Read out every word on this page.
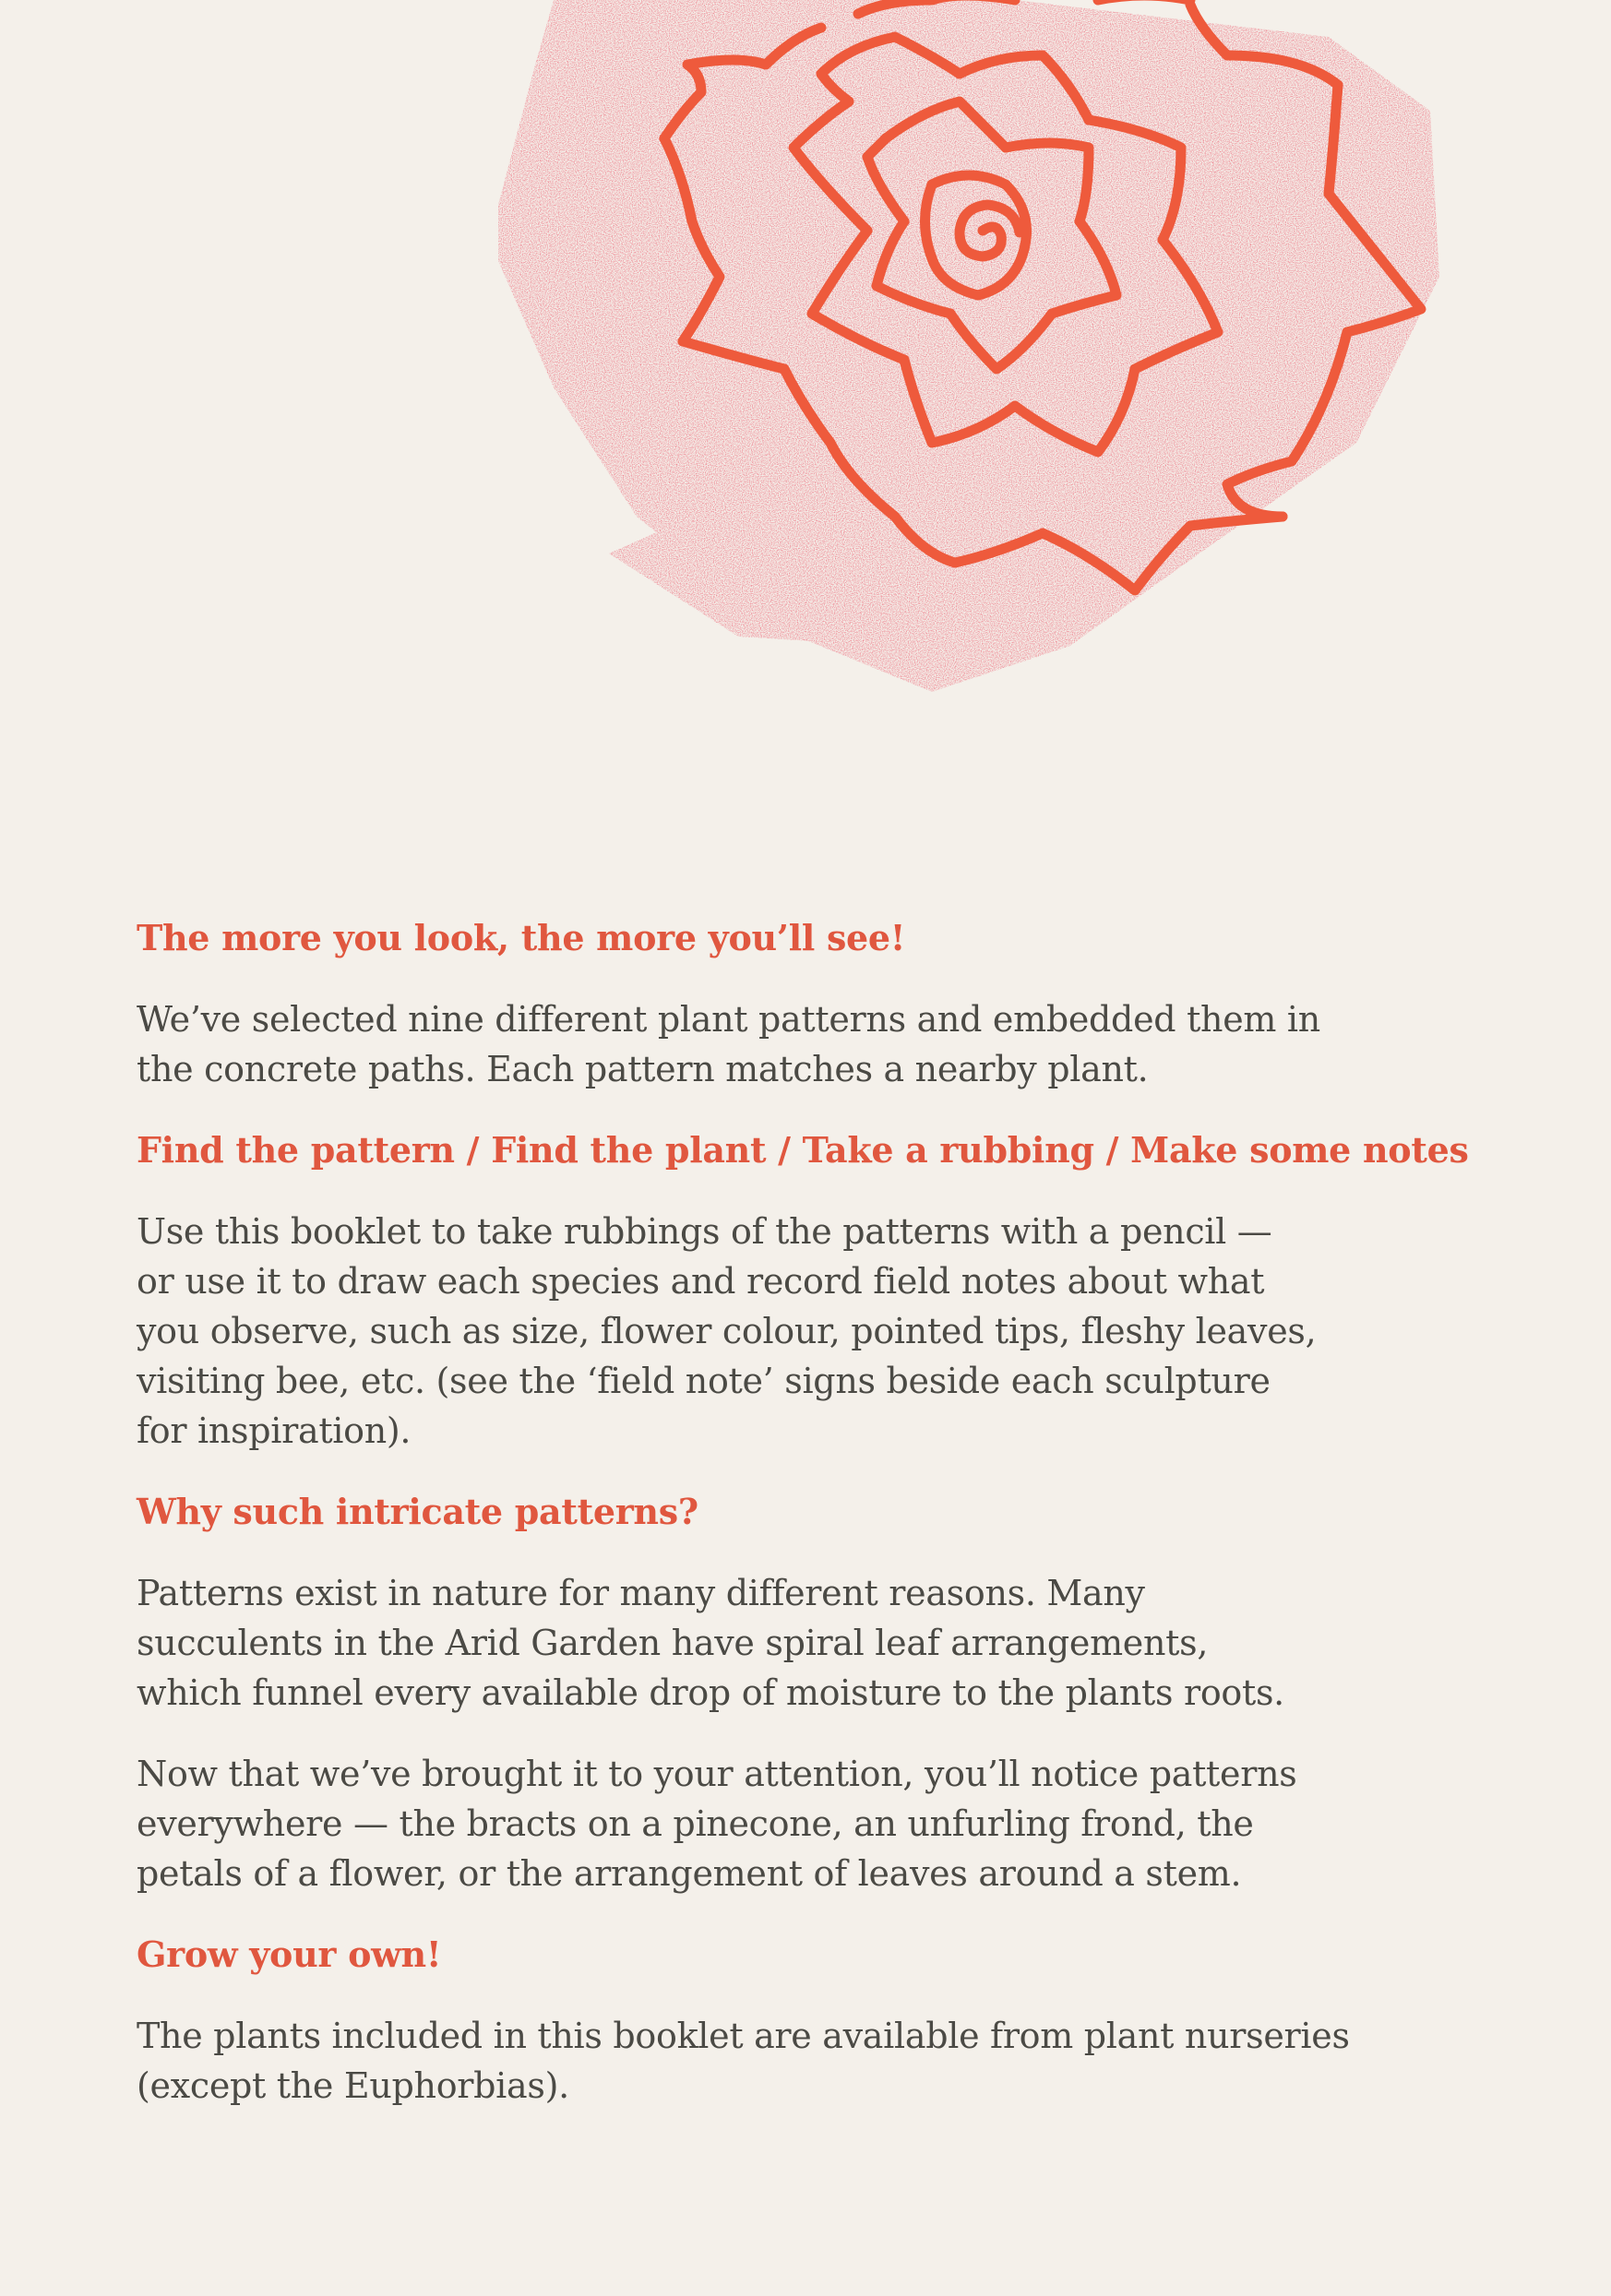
The more you look, the more you’ll see!
We’ve selected nine different plant patterns and embedded them in
the concrete paths. Each pattern matches a nearby plant.
Find the pattern / Find the plant / Take a rubbing / Make some notes
Use this booklet to take rubbings of the patterns with a pencil —
or use it to draw each species and record field notes about what
you observe, such as size, flower colour, pointed tips, fleshy leaves,
visiting bee, etc. (see the ‘field note’ signs beside each sculpture
for inspiration).
Why such intricate patterns?
Patterns exist in nature for many different reasons. Many
succulents in the Arid Garden have spiral leaf arrangements,
which funnel every available drop of moisture to the plants roots.
Now that we’ve brought it to your attention, you’ll notice patterns
everywhere — the bracts on a pinecone, an unfurling frond, the
petals of a flower, or the arrangement of leaves around a stem.
Grow your own!
The plants included in this booklet are available from plant nurseries
(except the Euphorbias).
